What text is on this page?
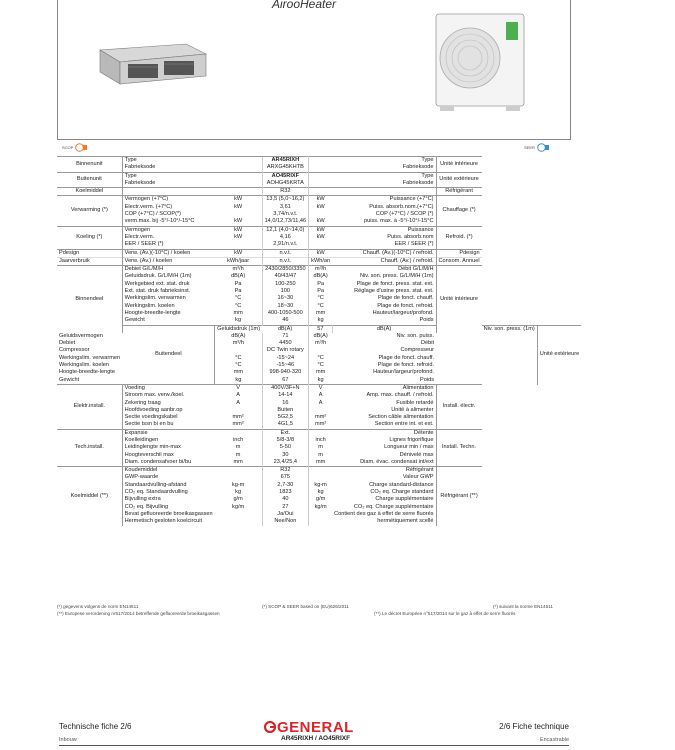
AirooHeater
SCOP	SEER
Binnenunit	Type		AR45RIXH		Type	Unité intérieure		
	Fabrieksode		ARXG45KHTB		Fabrieksode			
Buitenunit	Type		AO45RIXF		Type	Unité extérieure		
	Fabrieksode		AOHG45KRTA		Fabrieksode			
Koelmiddel			R32			Réfrigérant		
Verwarming (*)	Vermogen (+7°C)	kW	13,5 (5,0~16,2)	kW	Puissance (+7°C)	Chauffage (*)		
	Electr.verm. (+7°C)	kW	3,61	kW	Puiss. absorb.nom.(+7°C)			
	COP (+7°C) / SCOP(*)		3,74/n.v.t.		COP (+7°C) / SCOP (*)			
	verm.max. bij -5°/-10°/-15°C	kW	14,0/12,73/11,46	kW	puiss. max. à -5°/-10°/-15°C			
Koeling (*)	Vermogen	kW	12,1 (4,0~14,0)	kW	Puissance	Refroid. (*)		
	Electr.verm.	kW	4,16	kW	Puiss. absorb.nom			
	EER / SEER (*)		2,91/n.v.t.		EER / SEER (*)			
Pdesign	Verw. (Av.)(-10°C) / koelen	kW	n.v.t.	kW	Chauff. (Av.)(-10°C) / refroid.	Pdesign		
Jaarverbruik	Verw. (Av.) / koelen	kWh/jaar	n.v.t.	kWh/an	Chauff. (Av.) / refroid.	Consom. Annuel		
Binnendeel	Debiet G/L/M/H	m³/h	2430/2850/3350	m³/h	Débit G/L/M/H	Unité intérieure		
	Geluidsdruk. G/L/M/H (1m)	dB(A)	40/43/47	dB(A)	Niv. son. press. G/L/M/H (1m)			
	Werkgebied ext. stat. druk	Pa	100-250	Pa	Plage de fonct. press. stat. ext.			
	Ext. stat. druk fabrieksinst.	Pa	100	Pa	Réglage d'usine press. stat. ext.			
	Werkingslim. verwarmen	°C	16~30	°C	Plage de fonct. chauff.			
	Werkingslim. koelen	°C	18~30	°C	Plage de fonct. refroid.			
	Hoogte-breedte-lengte	mm	400-1050-500	mm	Hauteur/largeur/profond.			
	Gewicht	kg	46	kg	Poids			
	Buitendeel	Geluidsdruk (1m)	dB(A)	57	dB(A)		Niv. son. press. (1m)	Unité extérieure
Geluidsvermogen		dB(A)	71	dB(A)	Niv. son. puiss.			
Debiet		m³/h	4450	m³/h	Débit			
Compressor			DC Twin rotary		Compresseur			
Werkingslim. verwarmen		°C	-15~24	°C	Plage de fonct. chauff.			
Werkingslim. koelen		°C	-15~46	°C	Plage de fonct. refroid.			
Hoogte-breedte-lengte		mm	998-940-320	mm	Hauteur/largeur/profond.			
Gewicht		kg	67	kg	Poids			

Elektr.install.	Voeding	V	400V/3F+N	V	Alimentation	Install. électr.		
	Stroom max. verw./koel.	A	14-14	A	Amp. max. chauff. / refroid.			
	Zekering traag	A	16	A	Fusible retardé			
	Hoofdvoeding aanbr.op		Buiten		Unité à alimenter			
	Sectie voedingskabel	mm²	5G2,5	mm²	Section câble alimentation			
	Sectie tssn bi en bu	mm²	4G1,5	mm²	Section entre int. et ext.			
Tech.install.	Expansie		Ext.		Détente	Install. Techn.		
	Koelleidingen	inch	5/8-3/8	inch	Lignes frigorifique			
	Leidinglengte min-max	m	5-50	m	Longueur min / max			
	Hoogteverschil max	m	30	m	Dénivelé max			
	Diam. condensafvoer bi/bu	mm	23,4/25,4	mm	Diam. évac. condensat int/ext			

Koelmiddel (**)	Koudemiddel		R32		Réfrigérant	Réfrigérant (**)		
	GWP-waarde		675		Valeur GWP			
	Standaardvulling-afstand	kg-m	2,7-30	kg-m	Charge standard-distance			
	CO₂ eq. Standaardvulling	kg	1823	kg	CO₂ eq. Charge standard			
	Bijvulling extra	g/m	40	g/m	Charge supplémentaire			
	CO₂ eq. Bijvulling	kg/m	27	kg/m	CO₂ eq. Charge supplémentaire			
	Bevat gefluoreerde broeikasgassen		Ja/Oui		Contient des gaz à effet de serre fluorés			
	Hermetisch gesloten koelcircuit		Nee/Non		hermétiquement scellé			

(*) gegevens volgens de norm EN14511	(*) SCOP & SEER based on (EU)626/2011	(*) suivant la norme EN14511
(**) Europese verordening nr517/2014 betreffende gefluoreerde broeikasgassen	(**) Le décret Européen n°517/2014 sur le gaz à effet de serre fluorés
Technische fiche 2/6	GENERAL	2/6 Fiche technique
AR45RIXH / AO45RIXF
Inbouw	Encastrable
